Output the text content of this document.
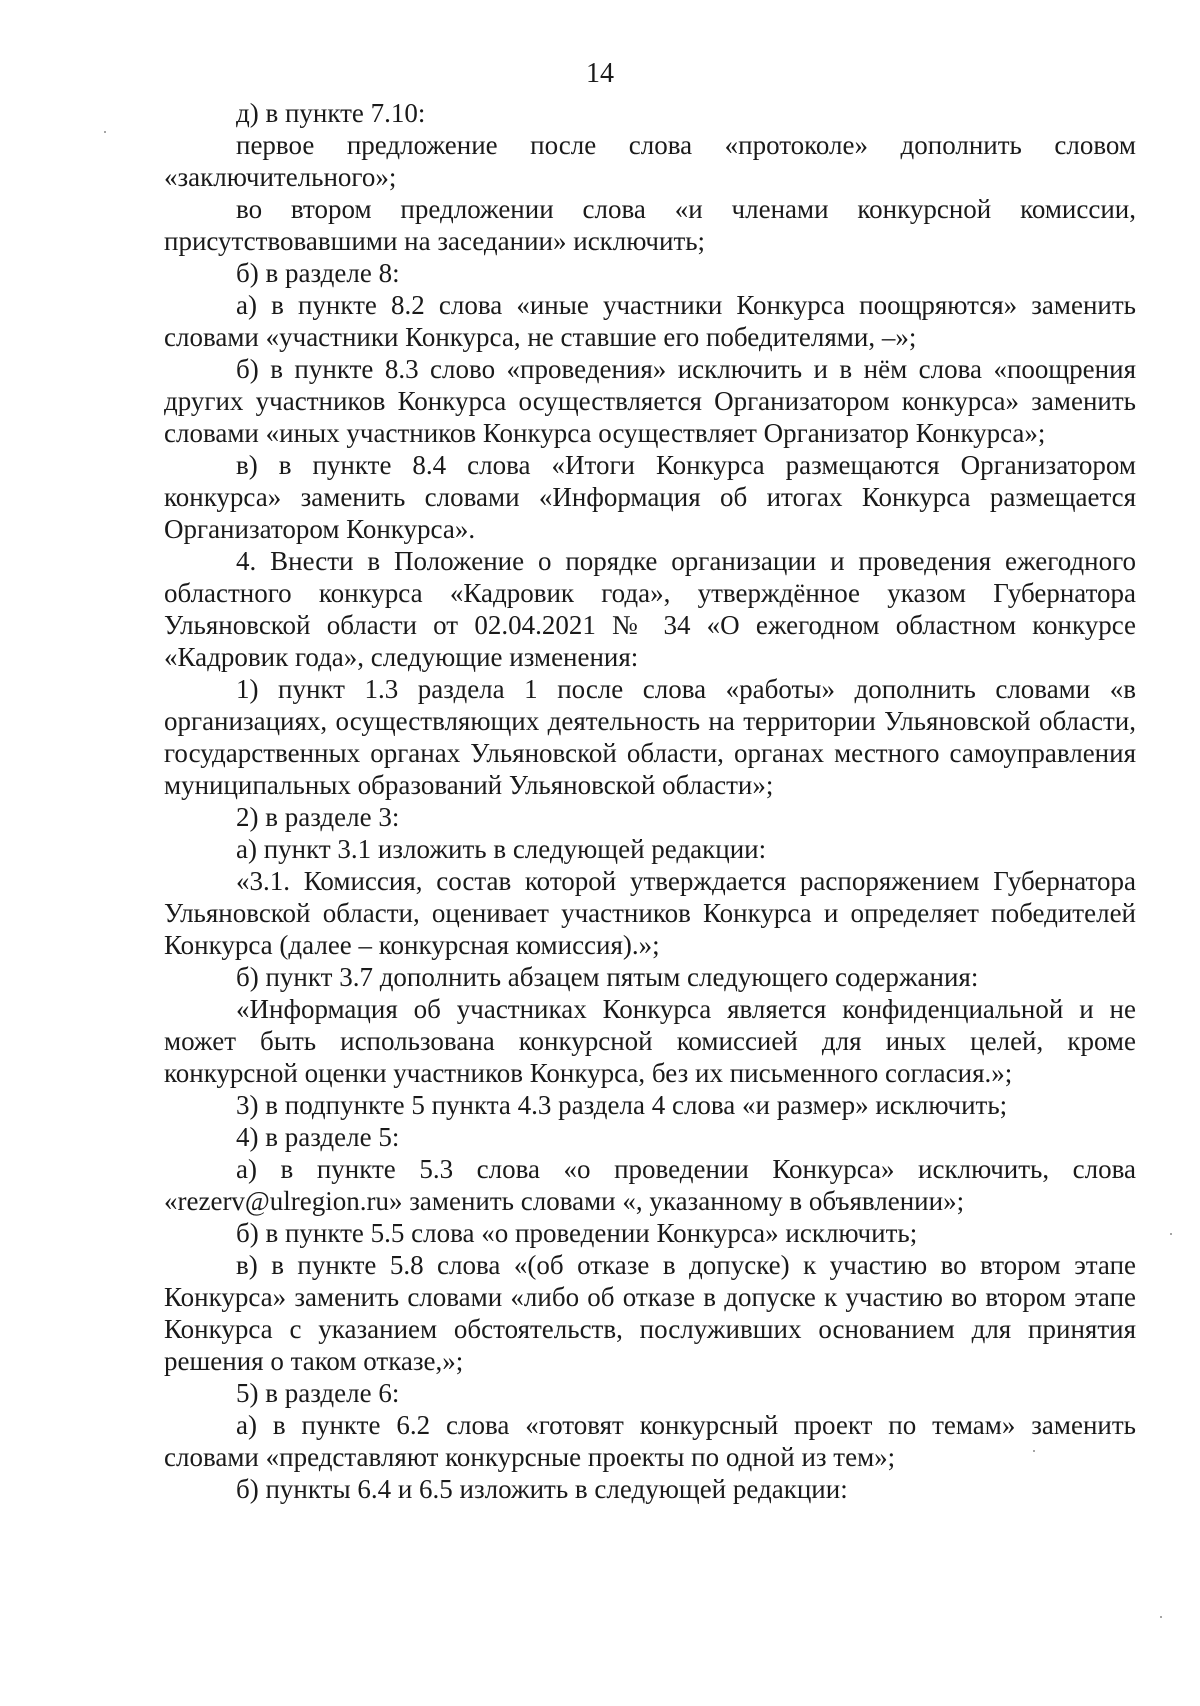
14

д) в пункте 7.10:

первое предложение после слова «протоколе» дополнить словом «заключительного»;

во втором предложении слова «и членами конкурсной комиссии, присутствовавшими на заседании» исключить;

б) в разделе 8:

а) в пункте 8.2 слова «иные участники Конкурса поощряются» заменить словами «участники Конкурса, не ставшие его победителями, –»;

б) в пункте 8.3 слово «проведения» исключить и в нём слова «поощрения других участников Конкурса осуществляется Организатором конкурса» заменить словами «иных участников Конкурса осуществляет Организатор Конкурса»;

в) в пункте 8.4 слова «Итоги Конкурса размещаются Организатором конкурса» заменить словами «Информация об итогах Конкурса размещается Организатором Конкурса».

4. Внести в Положение о порядке организации и проведения ежегодного областного конкурса «Кадровик года», утверждённое указом Губернатора Ульяновской области от 02.04.2021 № 34 «О ежегодном областном конкурсе «Кадровик года», следующие изменения:

1) пункт 1.3 раздела 1 после слова «работы» дополнить словами «в организациях, осуществляющих деятельность на территории Ульяновской области, государственных органах Ульяновской области, органах местного самоуправления муниципальных образований Ульяновской области»;

2) в разделе 3:

а) пункт 3.1 изложить в следующей редакции:

«3.1. Комиссия, состав которой утверждается распоряжением Губернатора Ульяновской области, оценивает участников Конкурса и определяет победителей Конкурса (далее – конкурсная комиссия).»;

б) пункт 3.7 дополнить абзацем пятым следующего содержания:

«Информация об участниках Конкурса является конфиденциальной и не может быть использована конкурсной комиссией для иных целей, кроме конкурсной оценки участников Конкурса, без их письменного согласия.»;

3) в подпункте 5 пункта 4.3 раздела 4 слова «и размер» исключить;

4) в разделе 5:

а) в пункте 5.3 слова «о проведении Конкурса» исключить, слова «rezerv@ulregion.ru» заменить словами «, указанному в объявлении»;

б) в пункте 5.5 слова «о проведении Конкурса» исключить;

в) в пункте 5.8 слова «(об отказе в допуске) к участию во втором этапе Конкурса» заменить словами «либо об отказе в допуске к участию во втором этапе Конкурса с указанием обстоятельств, послуживших основанием для принятия решения о таком отказе,»;

5) в разделе 6:

а) в пункте 6.2 слова «готовят конкурсный проект по темам» заменить словами «представляют конкурсные проекты по одной из тем»;

б) пункты 6.4 и 6.5 изложить в следующей редакции:
